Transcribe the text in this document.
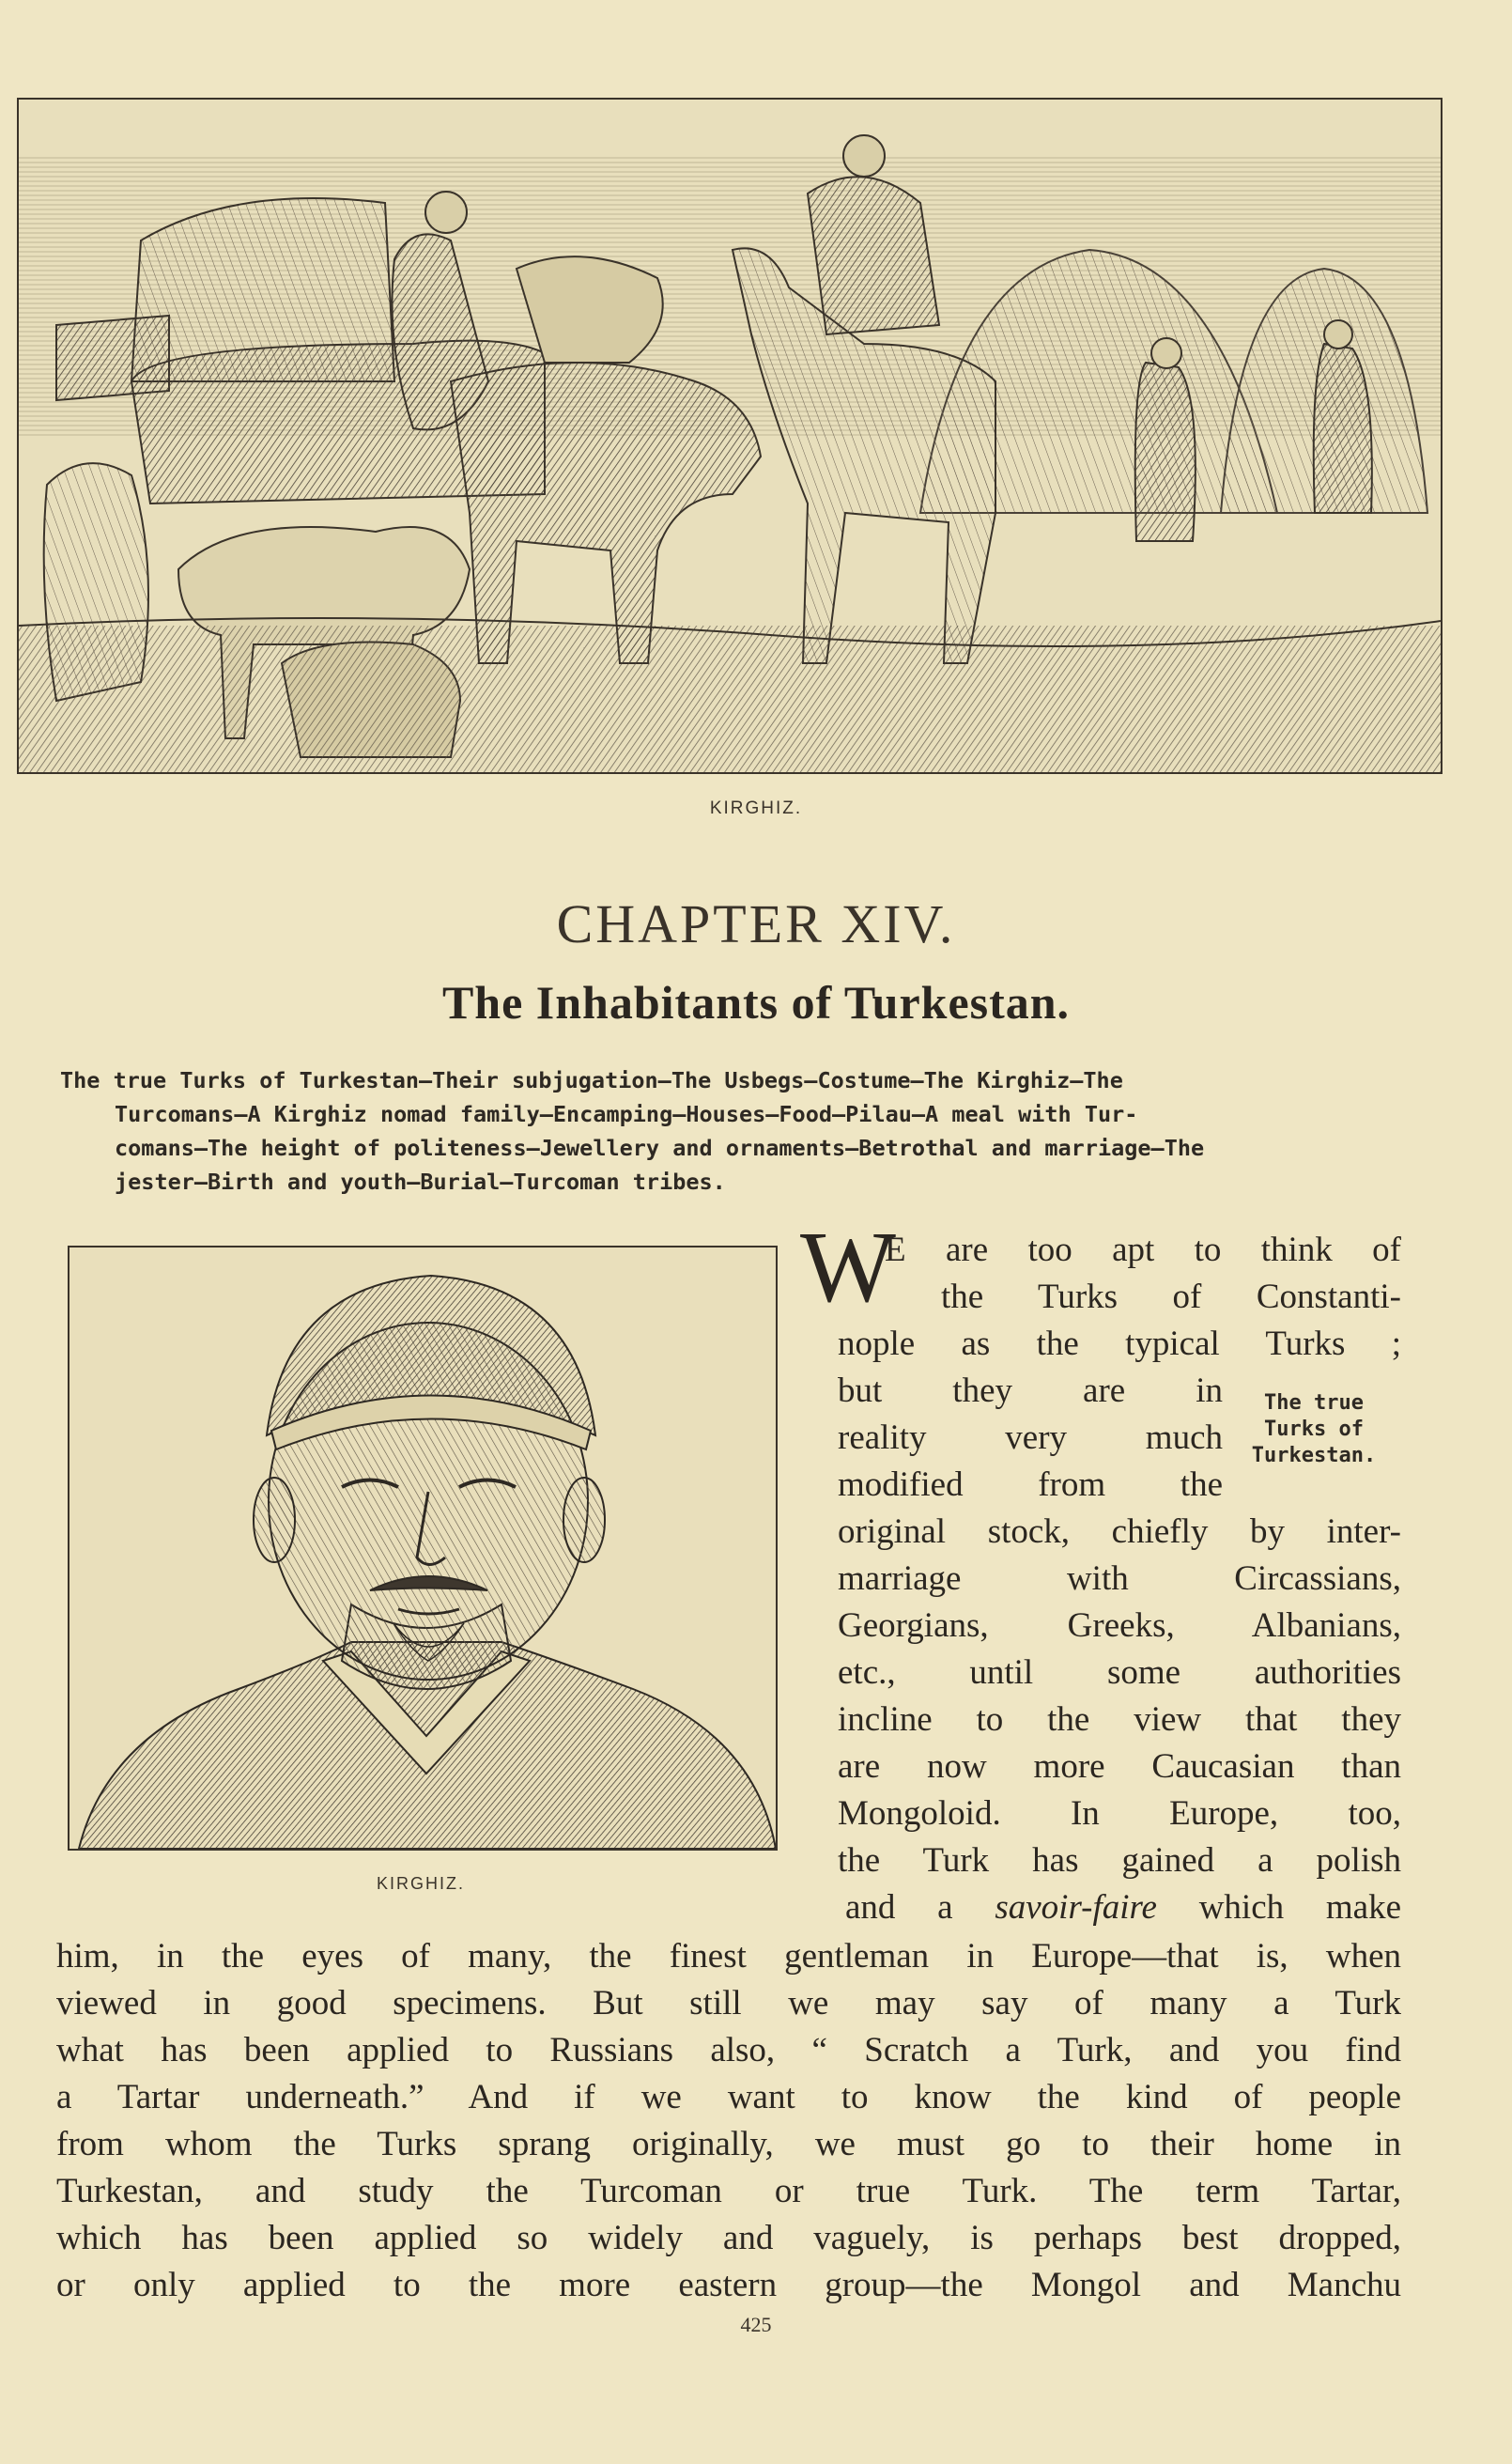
KIRGHIZ.
CHAPTER XIV.
The Inhabitants of Turkestan.
The true Turks of Turkestan—Their subjugation—The Usbegs—Costume—The Kirghiz—The
Turcomans—A Kirghiz nomad family—Encamping—Houses—Food—Pilau—A meal with Tur-
comans—The height of politeness—Jewellery and ornaments—Betrothal and marriage—The
jester—Birth and youth—Burial—Turcoman tribes.
KIRGHIZ.
W
E are too apt to think of
the Turks of Constanti-
nople as the typical Turks ;
but they are in
reality very much
modified from the
original stock, chiefly by inter-
marriage with Circassians,
Georgians, Greeks, Albanians,
etc., until some authorities
incline to the view that they
are now more Caucasian than
Mongoloid. In Europe, too,
the Turk has gained a polish
and a savoir-faire which make
The true
Turks of
Turkestan.
him, in the eyes of many, the finest gentleman in Europe—that is, when
viewed in good specimens. But still we may say of many a Turk
what has been applied to Russians also, “ Scratch a Turk, and you find
a Tartar underneath.” And if we want to know the kind of people
from whom the Turks sprang originally, we must go to their home in
Turkestan, and study the Turcoman or true Turk. The term Tartar,
which has been applied so widely and vaguely, is perhaps best dropped,
or only applied to the more eastern group—the Mongol and Manchu
425
